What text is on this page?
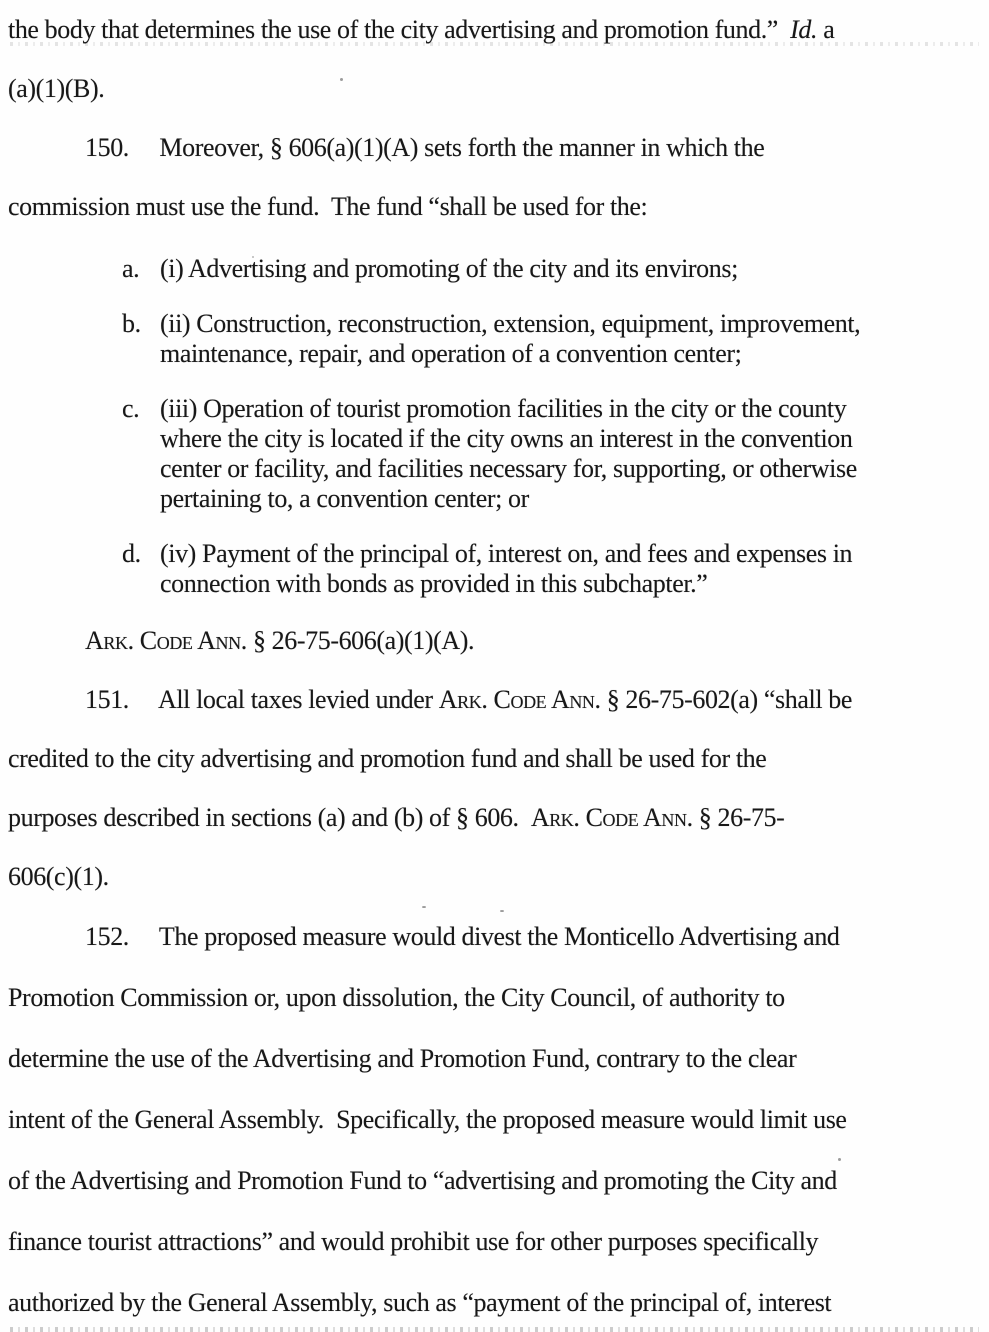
the body that determines the use of the city advertising and promotion fund.”  Id. a
(a)(1)(B).
150.     Moreover, § 606(a)(1)(A) sets forth the manner in which the
commission must use the fund.  The fund “shall be used for the:
a. (i) Advertising and promoting of the city and its environs;
b. (ii) Construction, reconstruction, extension, equipment, improvement,
maintenance, repair, and operation of a convention center;
c. (iii) Operation of tourist promotion facilities in the city or the county
where the city is located if the city owns an interest in the convention
center or facility, and facilities necessary for, supporting, or otherwise
pertaining to, a convention center; or
d. (iv) Payment of the principal of, interest on, and fees and expenses in
connection with bonds as provided in this subchapter.”
Ark. Code Ann. § 26-75-606(a)(1)(A).
151.     All local taxes levied under Ark. Code Ann. § 26-75-602(a) “shall be
credited to the city advertising and promotion fund and shall be used for the
purposes described in sections (a) and (b) of § 606.  Ark. Code Ann. § 26-75-
606(c)(1).
152.     The proposed measure would divest the Monticello Advertising and
Promotion Commission or, upon dissolution, the City Council, of authority to
determine the use of the Advertising and Promotion Fund, contrary to the clear
intent of the General Assembly.  Specifically, the proposed measure would limit use
of the Advertising and Promotion Fund to “advertising and promoting the City and
finance tourist attractions” and would prohibit use for other purposes specifically
authorized by the General Assembly, such as “payment of the principal of, interest
